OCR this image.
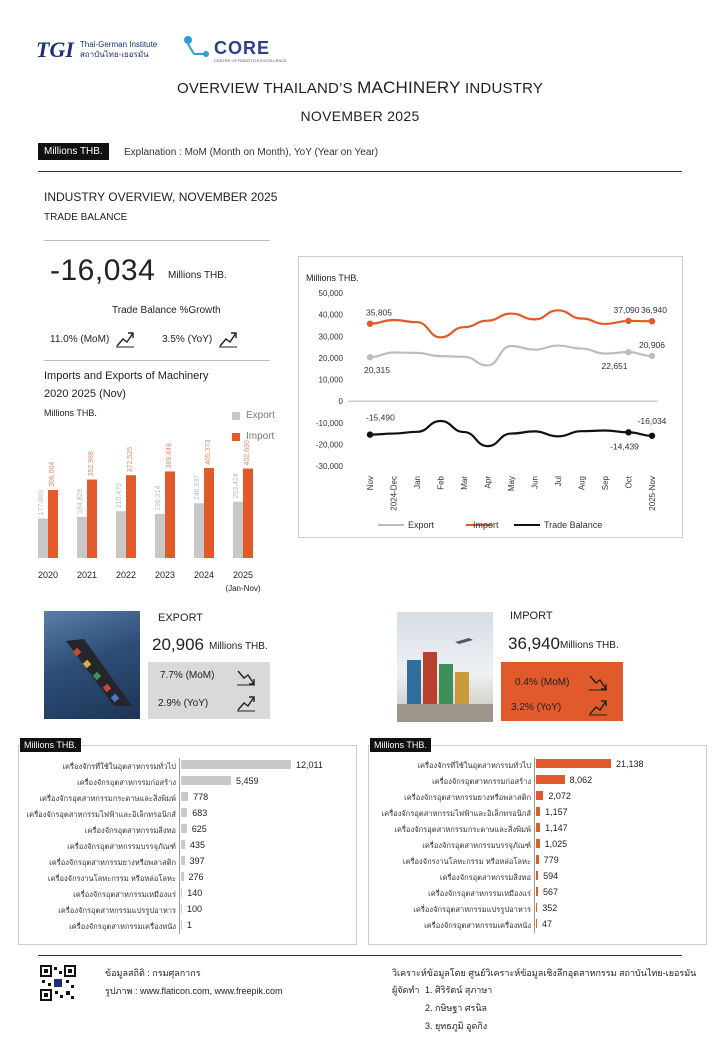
TGI Thai-German Institute
สถาบันไทย-เยอรมัน	CORE
CENTER OF ROBOTICS EXCELLENCE
OVERVIEW THAILAND’S MACHINERY INDUSTRY
NOVEMBER 2025
Millions THB.	Explanation : MoM (Month on Month), YoY (Year on Year)
INDUSTRY OVERVIEW, NOVEMBER 2025
TRADE BALANCE
-16,034 Millions THB.
Trade Balance %Growth
11.0% (MoM)	3.5% (YoY)
Imports and Exports of Machinery
2020 2025 (Nov)
Millions THB.	Export
Import
177,889
306,004
2020
184,829
352,988
2021
210,479
372,525
2022
198,314
389,448
2023
246,637
405,373
2024
253,424
402,630
2025
(Jan-Nov)
Millions THB.
50,000
40,000
30,000
20,000
10,000
0
-10,000
-20,000
-30,000
Nov 2024-Dec Jan Feb Mar Apr May Jun Jul Aug Sep Oct 2025-Nov
35,805	37,090 36,940
20,315	22,651
20,906
-15,490
-14,439
-16,034
Export	Import	Trade Balance
EXPORT
20,906 Millions THB.
7.7% (MoM)
2.9% (YoY)
IMPORT
36,940 Millions THB.
0.4% (MoM)
3.2% (YoY)
Millions THB.
เครื่องจักรที่ใช้ในอุตสาหกรรมทั่วไป	12,011
เครื่องจักรอุตสาหกรรมก่อสร้าง	5,459
เครื่องจักรอุตสาหกรรมกระดาษและสิ่งพิมพ์ 778
เครื่องจักรอุตสาหกรรมไฟฟ้าและอิเล็กทรอนิกส์ 683
เครื่องจักรอุตสาหกรรมสิ่งทอ 625
เครื่องจักรอุตสาหกรรมบรรจุภัณฑ์ 435
เครื่องจักรอุตสาหกรรมยางหรือพลาสติก 397
เครื่องจักรงานโลหะกรรม หรือหล่อโลหะ 276
เครื่องจักรอุตสาหกรรมเหมืองแร่ 140
เครื่องจักรอุตสาหกรรมแปรรูปอาหาร 100
เครื่องจักรอุตสาหกรรมเครื่องหนัง 1
Millions THB.
เครื่องจักรที่ใช้ในอุตสาหกรรมทั่วไป	21,138
เครื่องจักรอุตสาหกรรมก่อสร้าง	8,062
เครื่องจักรอุตสาหกรรมยางหรือพลาสติก 2,072
เครื่องจักรอุตสาหกรรมไฟฟ้าและอิเล็กทรอนิกส์ 1,157
เครื่องจักรอุตสาหกรรมกระดาษและสิ่งพิมพ์ 1,147
เครื่องจักรอุตสาหกรรมบรรจุภัณฑ์ 1,025
เครื่องจักรงานโลหะกรรม หรือหล่อโลหะ 779
เครื่องจักรอุตสาหกรรมสิ่งทอ 594
เครื่องจักรอุตสาหกรรมเหมืองแร่ 567
เครื่องจักรอุตสาหกรรมแปรรูปอาหาร 352
เครื่องจักรอุตสาหกรรมเครื่องหนัง 47
ข้อมูลสถิติ : กรมศุลกากร
รูปภาพ : www.flaticon.com, www.freepik.com
วิเคราะห์ข้อมูลโดย ศูนย์วิเคราะห์ข้อมูลเชิงลึกอุตสาหกรรม สถาบันไทย-เยอรมัน
ผู้จัดทำ 1. ศิริรัตน์ สุภาษา
2. กษิษฐา ศรนิล
3. ยุทธภูมิ อูดกิง
